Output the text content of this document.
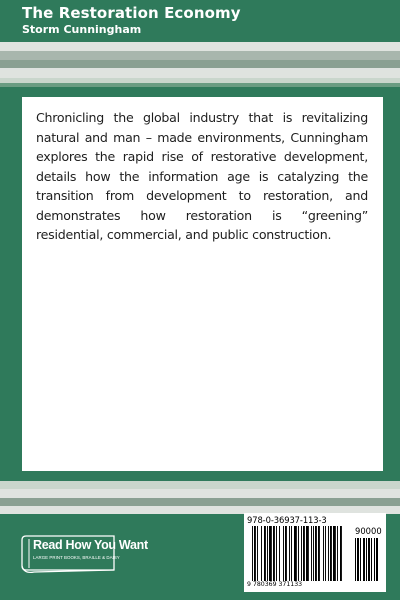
The Restoration Economy
Storm Cunningham

Chronicling the global industry that is revitalizing natural and man – made environments, Cunningham explores the rapid rise of restorative development, details how the information age is catalyzing the transition from development to restoration, and demonstrates how restoration is “greening” residential, commercial, and public construction.

Read How You Want
LARGE PRINT BOOKS, BRAILLE & DAISY
978-0-36937-113-3
90000
9 780369 371133
